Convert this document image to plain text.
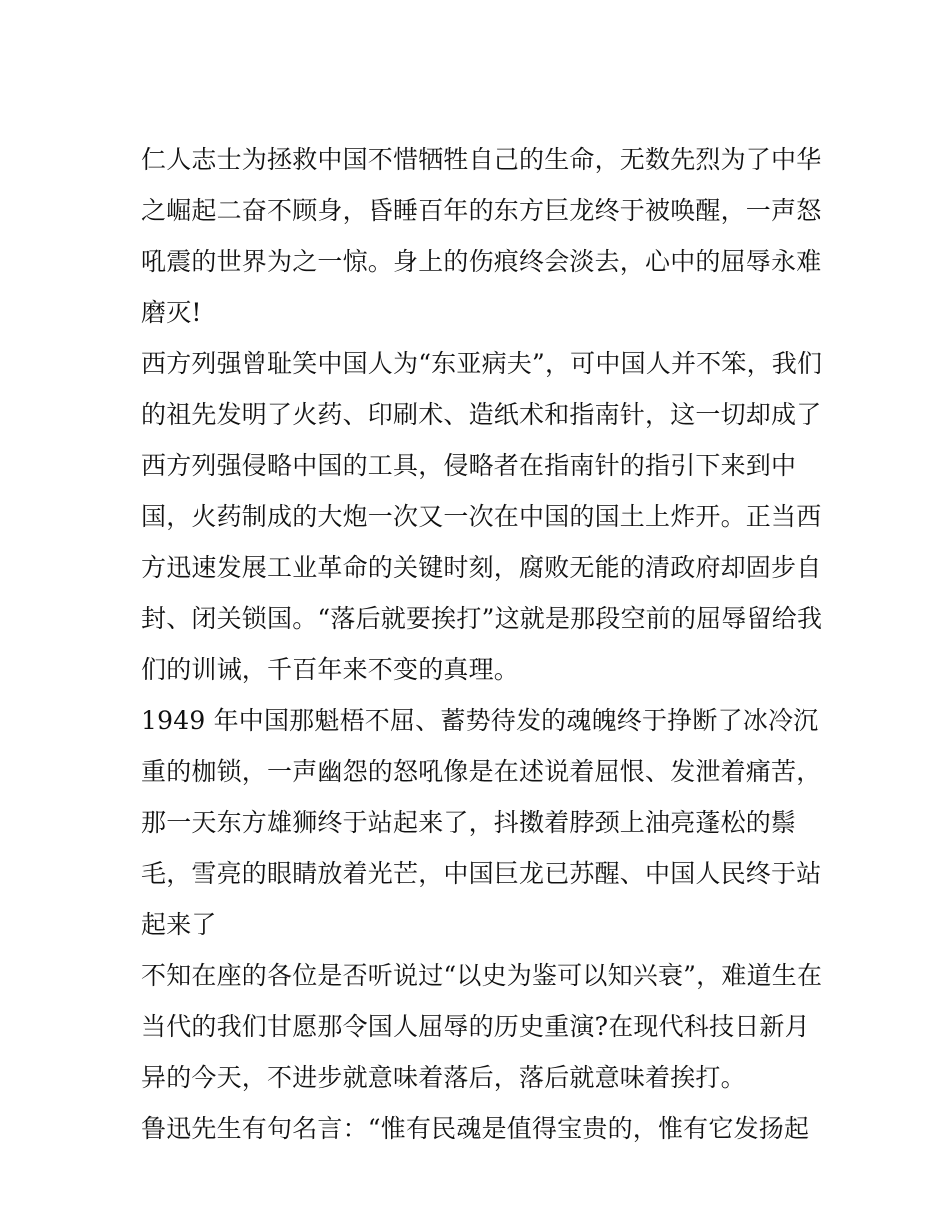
仁人志士为拯救中国不惜牺牲自己的生命，无数先烈为了中华
之崛起二奋不顾身，昏睡百年的东方巨龙终于被唤醒，一声怒
吼震的世界为之一惊。身上的伤痕终会淡去，心中的屈辱永难
磨灭!

西方列强曾耻笑中国人为“东亚病夫”，可中国人并不笨，我们
的祖先发明了火药、印刷术、造纸术和指南针，这一切却成了
西方列强侵略中国的工具，侵略者在指南针的指引下来到中
国，火药制成的大炮一次又一次在中国的国土上炸开。正当西
方迅速发展工业革命的关键时刻，腐败无能的清政府却固步自
封、闭关锁国。“落后就要挨打”这就是那段空前的屈辱留给我
们的训诫，千百年来不变的真理。

1949 年中国那魁梧不屈、蓄势待发的魂魄终于挣断了冰冷沉
重的枷锁，一声幽怨的怒吼像是在述说着屈恨、发泄着痛苦，
那一天东方雄狮终于站起来了，抖擞着脖颈上油亮蓬松的鬃
毛，雪亮的眼睛放着光芒，中国巨龙已苏醒、中国人民终于站
起来了

不知在座的各位是否听说过“以史为鉴可以知兴衰”，难道生在
当代的我们甘愿那令国人屈辱的历史重演?在现代科技日新月
异的今天，不进步就意味着落后，落后就意味着挨打。

鲁迅先生有句名言：“惟有民魂是值得宝贵的，惟有它发扬起
